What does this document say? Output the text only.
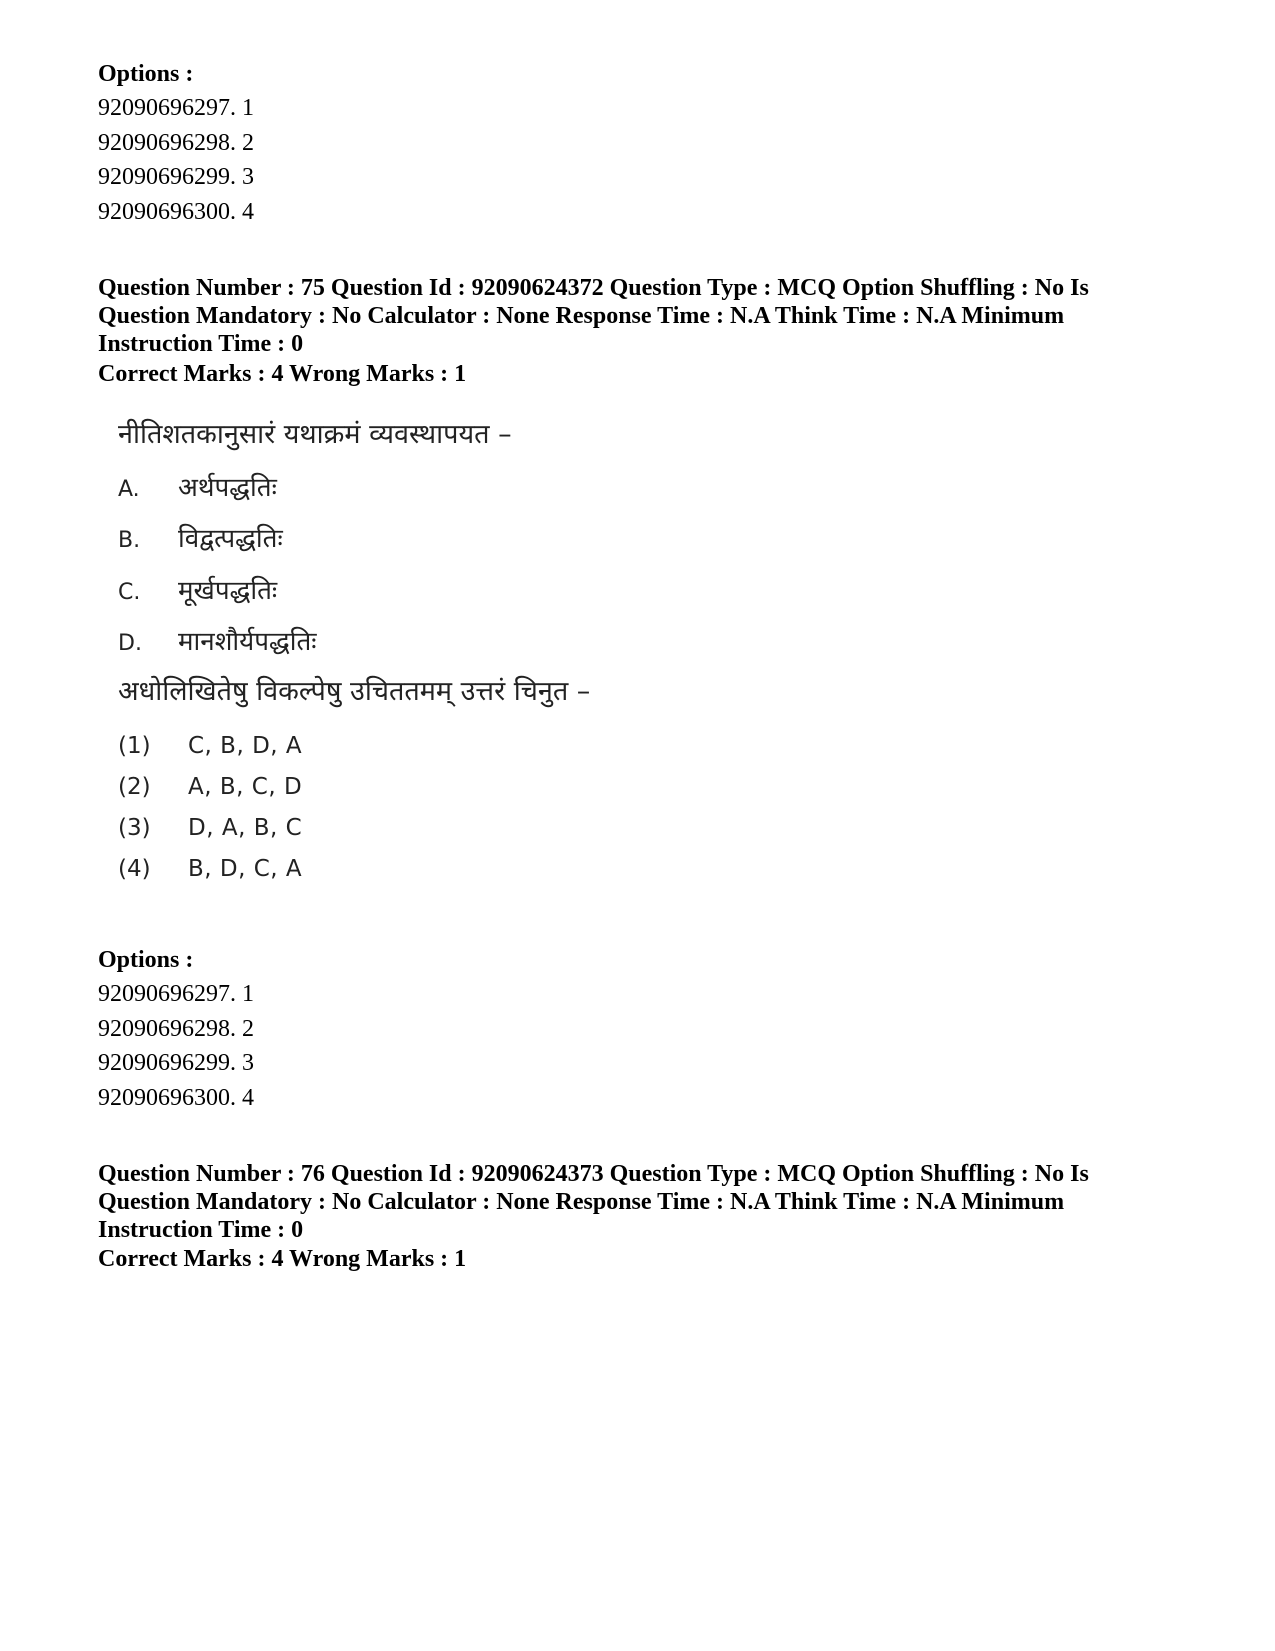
Options :
92090696297. 1
92090696298. 2
92090696299. 3
92090696300. 4
Question Number : 75 Question Id : 92090624372 Question Type : MCQ Option Shuffling : No Is
Question Mandatory : No Calculator : None Response Time : N.A Think Time : N.A Minimum
Instruction Time : 0
Correct Marks : 4 Wrong Marks : 1
नीतिशतकानुसारं यथाक्रमं व्यवस्थापयत –
A. अर्थपद्धतिः
B. विद्वत्पद्धतिः
C. मूर्खपद्धतिः
D. मानशौर्यपद्धतिः
अधोलिखितेषु विकल्पेषु उचिततमम् उत्तरं चिनुत –
(1) C, B, D, A
(2) A, B, C, D
(3) D, A, B, C
(4) B, D, C, A
Options :
92090696297. 1
92090696298. 2
92090696299. 3
92090696300. 4
Question Number : 76 Question Id : 92090624373 Question Type : MCQ Option Shuffling : No Is
Question Mandatory : No Calculator : None Response Time : N.A Think Time : N.A Minimum
Instruction Time : 0
Correct Marks : 4 Wrong Marks : 1
